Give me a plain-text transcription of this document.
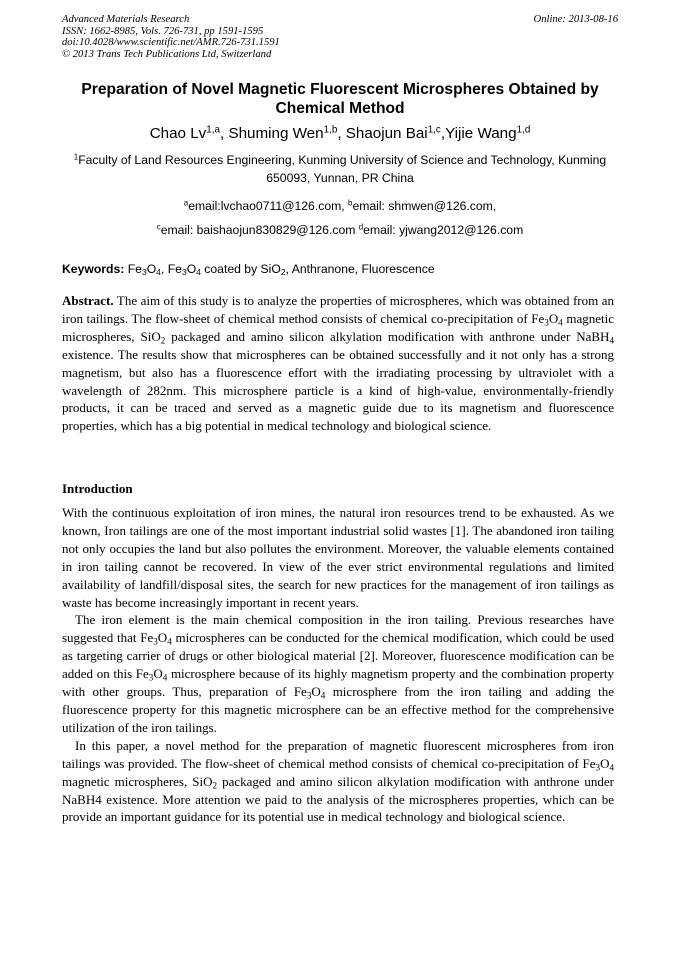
Advanced Materials Research
ISSN: 1662-8985, Vols. 726-731, pp 1591-1595
doi:10.4028/www.scientific.net/AMR.726-731.1591
© 2013 Trans Tech Publications Ltd, Switzerland
Online: 2013-08-16
Preparation of Novel Magnetic Fluorescent Microspheres Obtained by
Chemical Method
Chao Lv$^{1,a}$, Shuming Wen$^{1,b}$, Shaojun Bai$^{1,c}$,Yijie Wang$^{1,d}$
$^1$Faculty of Land Resources Engineering, Kunming University of Science and Technology, Kunming
650093, Yunnan, PR China
$^a$email:lvchao0711@126.com, $^b$email: shmwen@126.com,
$^c$email: baishaojun830829@126.com $^d$email: yjwang2012@126.com
Keywords: $Fe_3O_4$, $Fe_3O_4$ coated by SiO$_2$, Anthranone, Fluorescence
Abstract. The aim of this study is to analyze the properties of microspheres, which was obtained from an iron tailings. The flow-sheet of chemical method consists of chemical co-precipitation of $Fe_3O_4$ magnetic microspheres, SiO$_2$ packaged and amino silicon alkylation modification with anthrone under NaBH$_4$ existence. The results show that microspheres can be obtained successfully and it not only has a strong magnetism, but also has a fluorescence effort with the irradiating processing by ultraviolet with a wavelength of 282nm. This microsphere particle is a kind of high-value, environmentally-friendly products, it can be traced and served as a magnetic guide due to its magnetism and fluorescence properties, which has a big potential in medical technology and biological science.
Introduction

With the continuous exploitation of iron mines, the natural iron resources trend to be exhausted. As we known, Iron tailings are one of the most important industrial solid wastes [1]. The abandoned iron tailing not only occupies the land but also pollutes the environment. Moreover, the valuable elements contained in iron tailing cannot be recovered. In view of the ever strict environmental regulations and limited availability of landfill/disposal sites, the search for new practices for the management of iron tailings as waste has become increasingly important in recent years.

The iron element is the main chemical composition in the iron tailing. Previous researches have suggested that $Fe_3O_4$ microspheres can be conducted for the chemical modification, which could be used as targeting carrier of drugs or other biological material [2]. Moreover, fluorescence modification can be added on this $Fe_3O_4$ microsphere because of its highly magnetism property and the combination property with other groups. Thus, preparation of $Fe_3O_4$ microsphere from the iron tailing and adding the fluorescence property for this magnetic microsphere can be an effective method for the comprehensive utilization of the iron tailings.

In this paper, a novel method for the preparation of magnetic fluorescent microspheres from iron tailings was provided. The flow-sheet of chemical method consists of chemical co-precipitation of $Fe_3O_4$ magnetic microspheres, SiO$_2$ packaged and amino silicon alkylation modification with anthrone under NaBH4 existence. More attention we paid to the analysis of the microspheres properties, which can be provide an important guidance for its potential use in medical technology and biological science.
